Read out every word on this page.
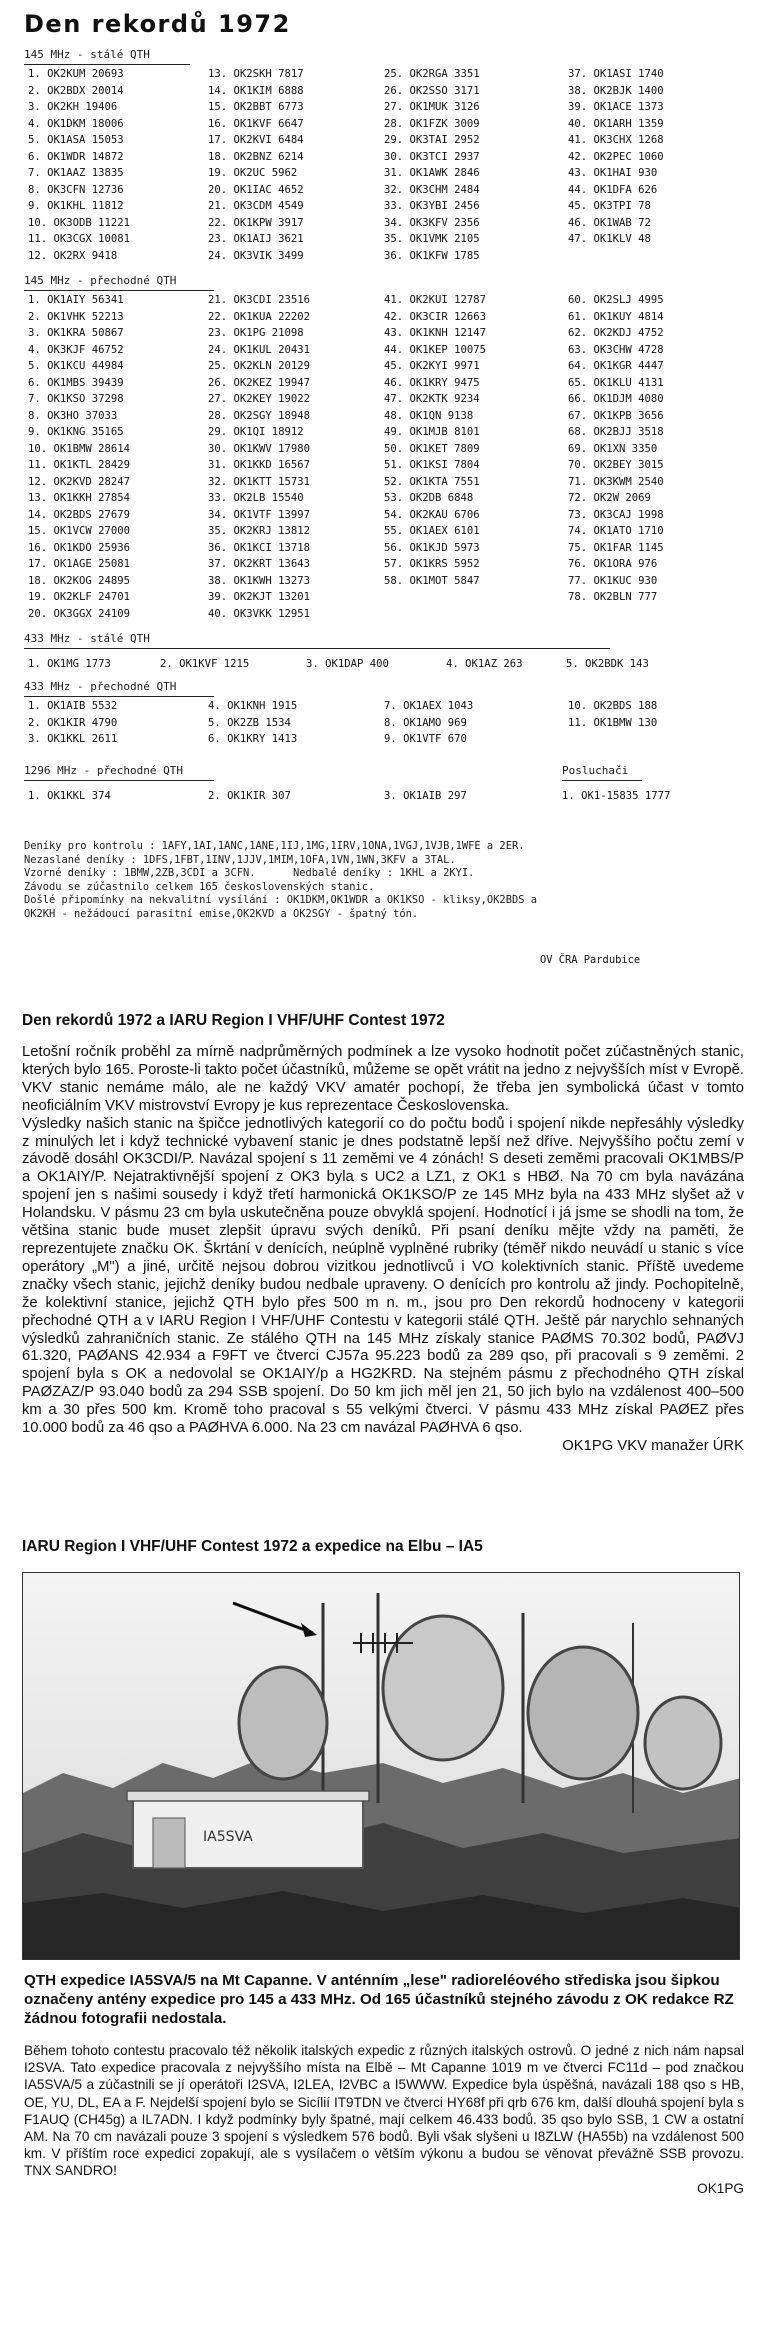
Den rekordů 1972
145 MHz - stálé QTH
1. OK2KUM 20693
2. OK2BDX 20014
3. OK2KH 19406
4. OK1DKM 18006
5. OK1ASA 15053
6. OK1WDR 14872
7. OK1AAZ 13835
8. OK3CFN 12736
9. OK1KHL 11812
10. OK3ODB 11221
11. OK3CGX 10081
12. OK2RX 9418
13. OK2SKH 7817
14. OK1KIM 6888
15. OK2BBT 6773
16. OK1KVF 6647
17. OK2KVI 6484
18. OK2BNZ 6214
19. OK2UC 5962
20. OK1IAC 4652
21. OK3CDM 4549
22. OK1KPW 3917
23. OK1AIJ 3621
24. OK3VIK 3499
25. OK2RGA 3351
26. OK2SSO 3171
27. OK1MUK 3126
28. OK1FZK 3009
29. OK3TAI 2952
30. OK3TCI 2937
31. OK1AWK 2846
32. OK3CHM 2484
33. OK3YBI 2456
34. OK3KFV 2356
35. OK1VMK 2105
36. OK1KFW 1785
37. OK1ASI 1740
38. OK2BJK 1400
39. OK1ACE 1373
40. OK1ARH 1359
41. OK3CHX 1268
42. OK2PEC 1060
43. OK1HAI 930
44. OK1DFA 626
45. OK3TPI 78
46. OK1WAB 72
47. OK1KLV 48
145 MHz - přechodné QTH
1. OK1AIY 56341
2. OK1VHK 52213
3. OK1KRA 50867
4. OK3KJF 46752
5. OK1KCU 44984
6. OK1MBS 39439
7. OK1KSO 37298
8. OK3HO 37033
9. OK1KNG 35165
10. OK1BMW 28614
11. OK1KTL 28429
12. OK2KVD 28247
13. OK1KKH 27854
14. OK2BDS 27679
15. OK1VCW 27000
16. OK1KDO 25936
17. OK1AGE 25081
18. OK2KOG 24895
19. OK2KLF 24701
20. OK3GGX 24109
21. OK3CDI 23516
22. OK1KUA 22202
23. OK1PG 21098
24. OK1KUL 20431
25. OK2KLN 20129
26. OK2KEZ 19947
27. OK2KEY 19022
28. OK2SGY 18948
29. OK1QI 18912
30. OK1KWV 17980
31. OK1KKD 16567
32. OK1KTT 15731
33. OK2LB 15540
34. OK1VTF 13997
35. OK2KRJ 13812
36. OK1KCI 13718
37. OK2KRT 13643
38. OK1KWH 13273
39. OK2KJT 13201
40. OK3VKK 12951
41. OK2KUI 12787
42. OK3CIR 12663
43. OK1KNH 12147
44. OK1KEP 10075
45. OK2KYI 9971
46. OK1KRY 9475
47. OK2KTK 9234
48. OK1QN 9138
49. OK1MJB 8101
50. OK1KET 7809
51. OK1KSI 7804
52. OK1KTA 7551
53. OK2DB 6848
54. OK2KAU 6706
55. OK1AEX 6101
56. OK1KJD 5973
57. OK1KRS 5952
58. OK1MOT 5847
60. OK2SLJ 4995
61. OK1KUY 4814
62. OK2KDJ 4752
63. OK3CHW 4728
64. OK1KGR 4447
65. OK1KLU 4131
66. OK1DJM 4080
67. OK1KPB 3656
68. OK2BJJ 3518
69. OK1XN 3350
70. OK2BEY 3015
71. OK3KWM 2540
72. OK2W 2069
73. OK3CAJ 1998
74. OK1ATO 1710
75. OK1FAR 1145
76. OK1ORA 976
77. OK1KUC 930
78. OK2BLN 777
433 MHz - stálé QTH
1. OK1MG 1773	2. OK1KVF 1215	3. OK1DAP 400	4. OK1AZ 263	5. OK2BDK 143
433 MHz - přechodné QTH
1. OK1AIB 5532
2. OK1KIR 4790
3. OK1KKL 2611
4. OK1KNH 1915
5. OK2ZB 1534
6. OK1KRY 1413
7. OK1AEX 1043
8. OK1AMO 969
9. OK1VTF 670
10. OK2BDS 188
11. OK1BMW 130
1296 MHz - přechodné QTH
1. OK1KKL 374	2. OK1KIR 307	3. OK1AIB 297
Posluchači
1. OK1-15835 1777
Deníky pro kontrolu : 1AFY,1AI,1ANC,1ANE,1IJ,1MG,1IRV,1ONA,1VGJ,1VJB,1WFE a 2ER.
Nezaslané deníky : 1DFS,1FBT,1INV,1JJV,1MIM,1OFA,1VN,1WN,3KFV a 3TAL.
Vzorné deníky : 1BMW,2ZB,3CDI a 3CFN.      Nedbalé deníky : 1KHL a 2KYI.
Závodu se zúčastnilo celkem 165 československých stanic.
Došlé připomínky na nekvalitní vysílání : OK1DKM,OK1WDR a OK1KSO - kliksy,OK2BDS a
OK2KH - nežádoucí parasitní emise,OK2KVD a OK2SGY - špatný tón.
OV ČRA Pardubice
Den rekordů 1972 a IARU Region I VHF/UHF Contest 1972

Letošní ročník proběhl za mírně nadprůměrných podmínek a lze vysoko hodnotit počet zúčastněných stanic, kterých bylo 165. Poroste-li takto počet účastníků, můžeme se opět vrátit na jedno z nejvyšších míst v Evropě. VKV stanic nemáme málo, ale ne každý VKV amatér pochopí, že třeba jen symbolická účast v tomto neoficiálním VKV mistrovství Evropy je kus reprezentace Československa.

Výsledky našich stanic na špičce jednotlivých kategorií co do počtu bodů i spojení nikde nepřesáhly výsledky z minulých let i když technické vybavení stanic je dnes podstatně lepší než dříve. Nejvyššího počtu zemí v závodě dosáhl OK3CDI/P. Navázal spojení s 11 zeměmi ve 4 zónách! S deseti zeměmi pracovali OK1MBS/P a OK1AIY/P. Nejatraktivnější spojení z OK3 byla s UC2 a LZ1, z OK1 s HBØ. Na 70 cm byla navázána spojení jen s našimi sousedy i když třetí harmonická OK1KSO/P ze 145 MHz byla na 433 MHz slyšet až v Holandsku. V pásmu 23 cm byla uskutečněna pouze obvyklá spojení. Hodnotící i já jsme se shodli na tom, že většina stanic bude muset zlepšit úpravu svých deníků. Při psaní deníku mějte vždy na paměti, že reprezentujete značku OK. Škrtání v denících, neúplně vyplněné rubriky (téměř nikdo neuvádí u stanic s více operátory „M") a jiné, určitě nejsou dobrou vizitkou jednotlivců i VO kolektivních stanic. Příště uvedeme značky všech stanic, jejichž deníky budou nedbale upraveny. O denících pro kontrolu až jindy. Pochopitelně, že kolektivní stanice, jejichž QTH bylo přes 500 m n. m., jsou pro Den rekordů hodnoceny v kategorii přechodné QTH a v IARU Region I VHF/UHF Contestu v kategorii stálé QTH. Ještě pár narychlo sehnaných výsledků zahraničních stanic. Ze stálého QTH na 145 MHz získaly stanice PAØMS 70.302 bodů, PAØVJ 61.320, PAØANS 42.934 a F9FT ve čtverci CJ57a 95.223 bodů za 289 qso, při pracovali s 9 zeměmi. 2 spojení byla s OK a nedovolal se OK1AIY/p a HG2KRD. Na stejném pásmu z přechodného QTH získal PAØZAZ/P 93.040 bodů za 294 SSB spojení. Do 50 km jich měl jen 21, 50 jich bylo na vzdálenost 400–500 km a 30 přes 500 km. Kromě toho pracoval s 55 velkými čtverci. V pásmu 433 MHz získal PAØEZ přes 10.000 bodů za 46 qso a PAØHVA 6.000. Na 23 cm navázal PAØHVA 6 qso.

OK1PG VKV manažer ÚRK
IARU Region I VHF/UHF Contest 1972 a expedice na Elbu – IA5
IA5SVA
QTH expedice IA5SVA/5 na Mt Capanne. V anténním „lese" radioreléového střediska jsou šipkou označeny antény expedice pro 145 a 433 MHz. Od 165 účastníků stejného závodu z OK redakce RZ žádnou fotografii nedostala.

Během tohoto contestu pracovalo též několik italských expedic z různých italských ostrovů. O jedné z nich nám napsal I2SVA. Tato expedice pracovala z nejvyššího místa na Elbě – Mt Capanne 1019 m ve čtverci FC11d – pod značkou IA5SVA/5 a zúčastnili se jí operátoři I2SVA, I2LEA, I2VBC a I5WWW. Expedice byla úspěšná, navázali 188 qso s HB, OE, YU, DL, EA a F. Nejdelší spojení bylo se Sicílií IT9TDN ve čtverci HY68f při qrb 676 km, další dlouhá spojení byla s F1AUQ (CH45g) a IL7ADN. I když podmínky byly špatné, mají celkem 46.433 bodů. 35 qso bylo SSB, 1 CW a ostatní AM. Na 70 cm navázali pouze 3 spojení s výsledkem 576 bodů. Byli však slyšeni u I8ZLW (HA55b) na vzdálenost 500 km. V příštím roce expedici zopakují, ale s vysílačem o větším výkonu a budou se věnovat převážně SSB provozu. TNX SANDRO!

OK1PG
